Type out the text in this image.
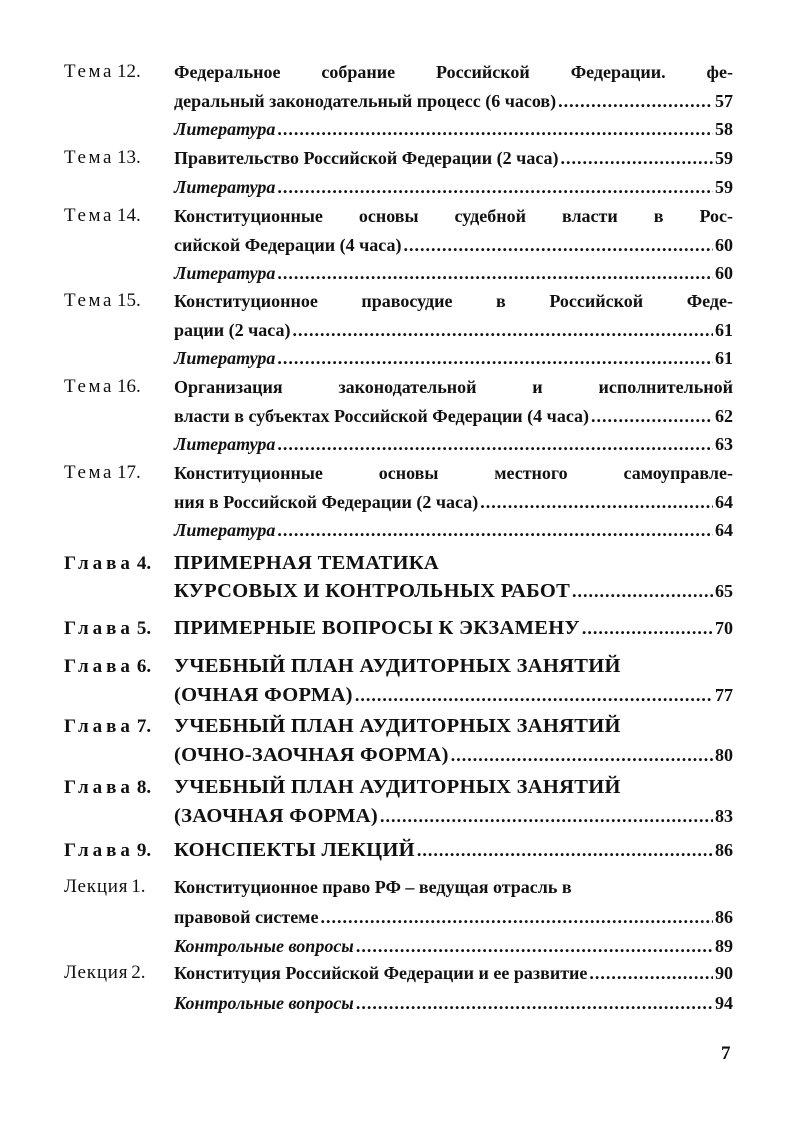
Тема 12.	Федеральное собрание Российской Федерации. фе-
деральный законодательный процесс (6 часов) .....	57
Литература .....	58
Тема 13.	Правительство Российской Федерации (2 часа) .....	59
Литература .....	59
Тема 14.	Конституционные основы судебной власти в Рос-
сийской Федерации (4 часа) .....	60
Литература .....	60
Тема 15.	Конституционное правосудие в Российской Феде-
рации (2 часа) .....	61
Литература .....	61
Тема 16.	Организация законодательной и исполнительной
власти в субъектах Российской Федерации (4 часа) .....	62
Литература .....	63
Тема 17.	Конституционные основы местного самоуправле-
ния в Российской Федерации (2 часа) .....	64
Литература .....	64
Глава 4.	ПРИМЕРНАЯ ТЕМАТИКА
КУРСОВЫХ И КОНТРОЛЬНЫХ РАБОТ .....	65
Глава 5.	ПРИМЕРНЫЕ ВОПРОСЫ К ЭКЗАМЕНУ .....	70
Глава 6.	УЧЕБНЫЙ ПЛАН АУДИТОРНЫХ ЗАНЯТИЙ
(ОЧНАЯ ФОРМА) .....	77
Глава 7.	УЧЕБНЫЙ ПЛАН АУДИТОРНЫХ ЗАНЯТИЙ
(ОЧНО-ЗАОЧНАЯ ФОРМА) .....	80
Глава 8.	УЧЕБНЫЙ ПЛАН АУДИТОРНЫХ ЗАНЯТИЙ
(ЗАОЧНАЯ ФОРМА) .....	83
Глава 9.	КОНСПЕКТЫ ЛЕКЦИЙ .....	86
Лекция 1.	Конституционное право РФ – ведущая отрасль в
правовой системе .....	86
Контрольные вопросы .....	89
Лекция 2.	Конституция Российской Федерации и ее развитие .....	90
Контрольные вопросы .....	94
7
